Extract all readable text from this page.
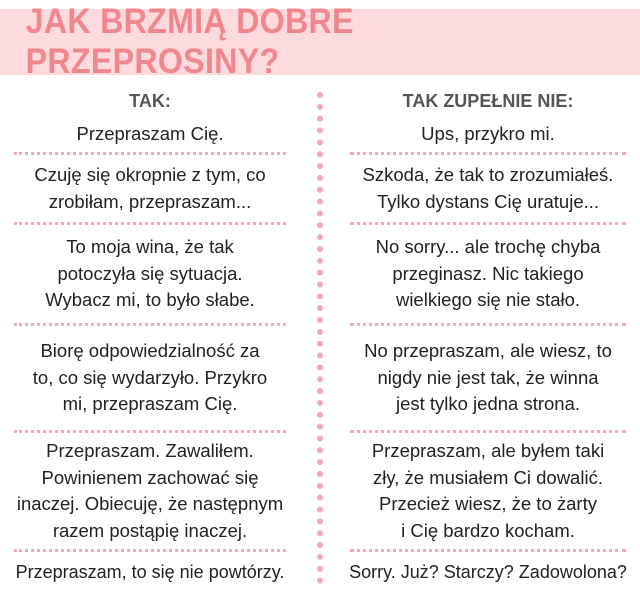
JAK BRZMIĄ DOBRE PRZEPROSINY?
TAK:
Przepraszam Cię.
Czuję się okropnie z tym, co
zrobiłam, przepraszam...
To moja wina, że tak
potoczyła się sytuacja.
Wybacz mi, to było słabe.
Biorę odpowiedzialność za
to, co się wydarzyło. Przykro
mi, przepraszam Cię.
Przepraszam. Zawaliłem.
Powinienem zachować się
inaczej. Obiecuję, że następnym
razem postąpię inaczej.
Przepraszam, to się nie powtórzy.
TAK ZUPEŁNIE NIE:
Ups, przykro mi.
Szkoda, że tak to zrozumiałeś.
Tylko dystans Cię uratuje...
No sorry... ale trochę chyba
przeginasz. Nic takiego
wielkiego się nie stało.
No przepraszam, ale wiesz, to
nigdy nie jest tak, że winna
jest tylko jedna strona.
Przepraszam, ale byłem taki
zły, że musiałem Ci dowalić.
Przecież wiesz, że to żarty
i Cię bardzo kocham.
Sorry. Już? Starczy? Zadowolona?
